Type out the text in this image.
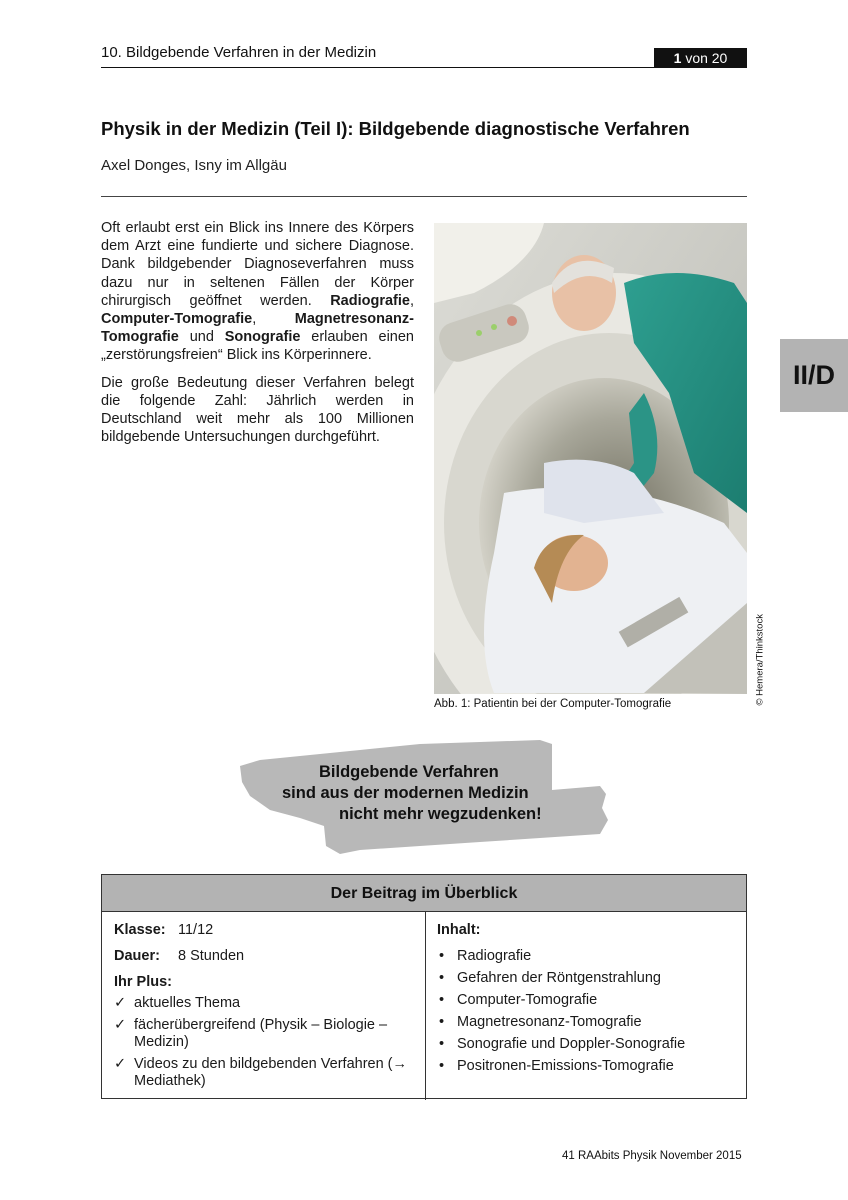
10. Bildgebende Verfahren in der Medizin	1 von 20
Physik in der Medizin (Teil I): Bildgebende diagnostische Verfahren
Axel Donges, Isny im Allgäu

Oft erlaubt erst ein Blick ins Innere des Körpers dem Arzt eine fundierte und sichere Diagnose. Dank bildgebender Diagnoseverfahren muss dazu nur in seltenen Fällen der Körper chirurgisch geöffnet werden. Radiografie, Computer-Tomografie, Magnetresonanz-Tomografie und Sonografie erlauben einen „zerstörungsfreien“ Blick ins Körperinnere.

Die große Bedeutung dieser Verfahren belegt die folgende Zahl: Jährlich werden in Deutschland weit mehr als 100 Millionen bildgebende Untersuchungen durchgeführt.

© Hemera/Thinkstock
Abb. 1: Patientin bei der Computer-Tomografie
II/D
Bildgebende Verfahren
sind aus der modernen Medizin
nicht mehr wegzudenken!
Der Beitrag im Überblick
Klasse: 11/12
Dauer: 8 Stunden
Ihr Plus:
✓ aktuelles Thema
✓ fächerübergreifend (Physik – Biologie – Medizin)
✓ Videos zu den bildgebenden Verfahren (→ Mediathek)
Inhalt:
• Radiografie
• Gefahren der Röntgenstrahlung
• Computer-Tomografie
• Magnetresonanz-Tomografie
• Sonografie und Doppler-Sonografie
• Positronen-Emissions-Tomografie
41 RAAbits Physik November 2015
